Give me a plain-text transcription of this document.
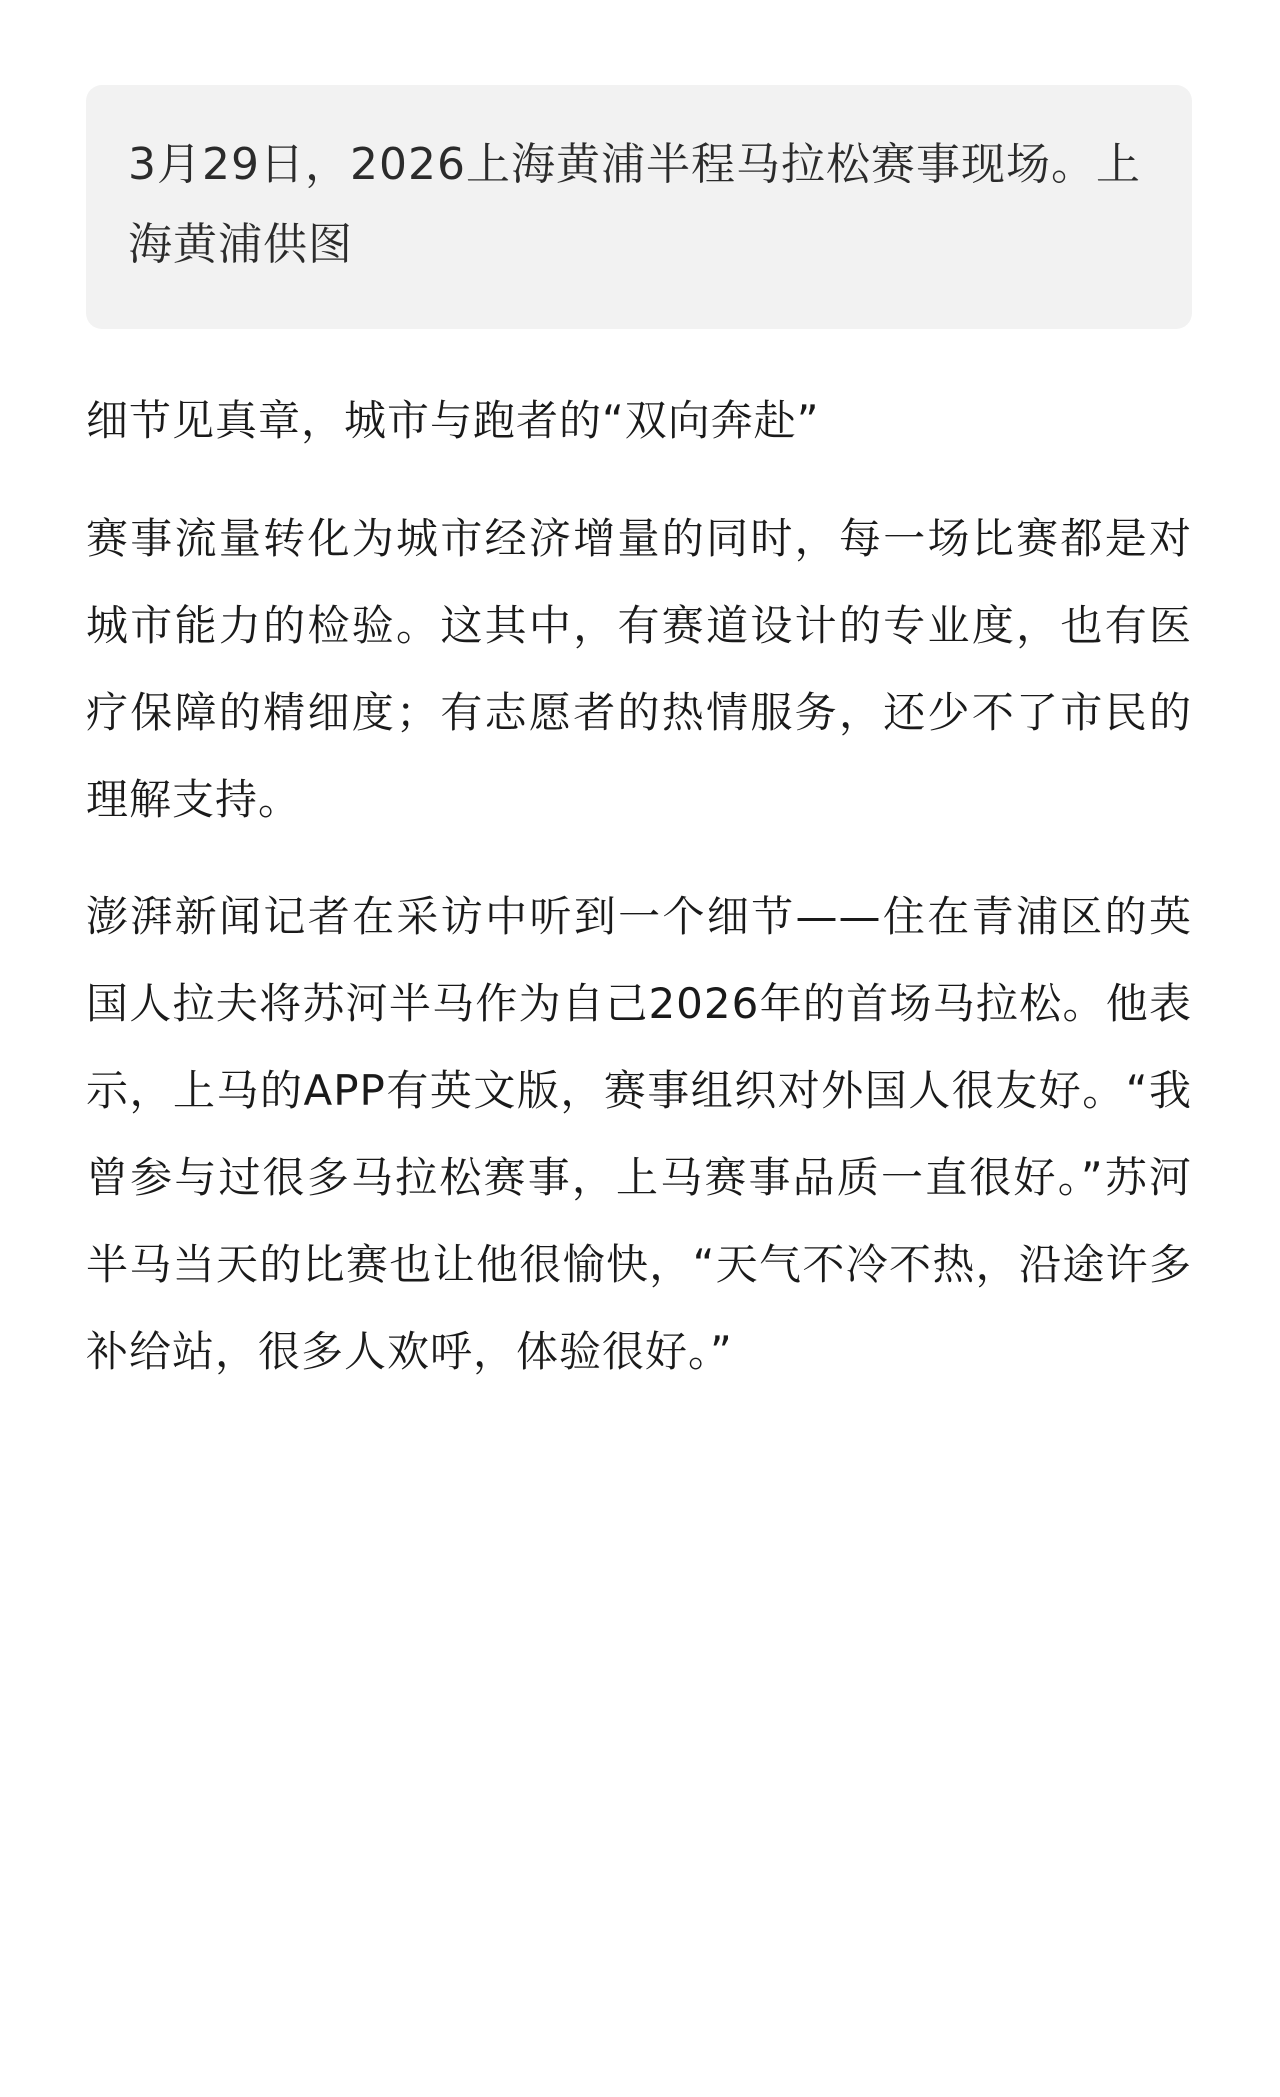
3月29日，2026上海黄浦半程马拉松赛事现场。上海黄浦供图

细节见真章，城市与跑者的“双向奔赴”

赛事流量转化为城市经济增量的同时，每一场比赛都是对城市能力的检验。这其中，有赛道设计的专业度，也有医疗保障的精细度；有志愿者的热情服务，还少不了市民的理解支持。

澎湃新闻记者在采访中听到一个细节——住在青浦区的英国人拉夫将苏河半马作为自己2026年的首场马拉松。他表示，上马的APP有英文版，赛事组织对外国人很友好。“我曾参与过很多马拉松赛事，上马赛事品质一直很好。”苏河半马当天的比赛也让他很愉快，“天气不冷不热，沿途许多补给站，很多人欢呼，体验很好。”
